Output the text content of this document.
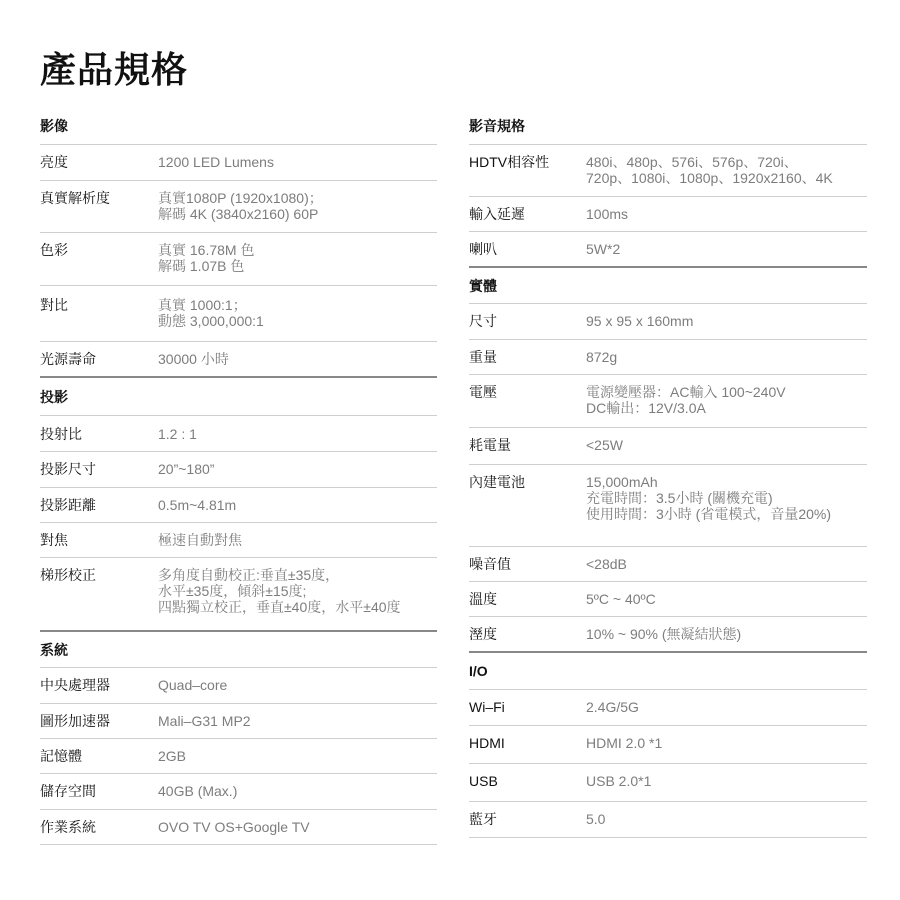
產品規格
影像
亮度	1200 LED Lumens
真實解析度	真實1080P (1920x1080)；
解碼 4K (3840x2160) 60P
色彩	真實 16.78M 色
解碼 1.07B 色
對比	真實 1000:1；
動態 3,000,000:1
光源壽命	30000 小時
投影
投射比	1.2 : 1
投影尺寸	20”~180”
投影距離	0.5m~4.81m
對焦	極速自動對焦
梯形校正	多角度自動校正:垂直±35度，
水平±35度，傾斜±15度;
四點獨立校正，垂直±40度，水平±40度
系統
中央處理器	Quad–core
圖形加速器	Mali–G31 MP2
記憶體	2GB
儲存空間	40GB (Max.)
作業系統	OVO TV OS+Google TV
影音規格
HDTV相容性	480i、480p、576i、576p、720i、
720p、1080i、1080p、1920x2160、4K
輸入延遲	100ms
喇叭	5W*2
實體
尺寸	95 x 95 x 160mm
重量	872g
電壓	電源變壓器：AC輸入 100~240V
DC輸出：12V/3.0A
耗電量	<25W
內建電池	15,000mAh
充電時間：3.5小時 (關機充電)
使用時間：3小時 (省電模式，音量20%)
噪音值	<28dB
溫度	5ºC ~ 40ºC
溼度	10% ~ 90% (無凝結狀態)
I/O
Wi–Fi	2.4G/5G
HDMI	HDMI 2.0 *1
USB	USB 2.0*1
藍牙	5.0
